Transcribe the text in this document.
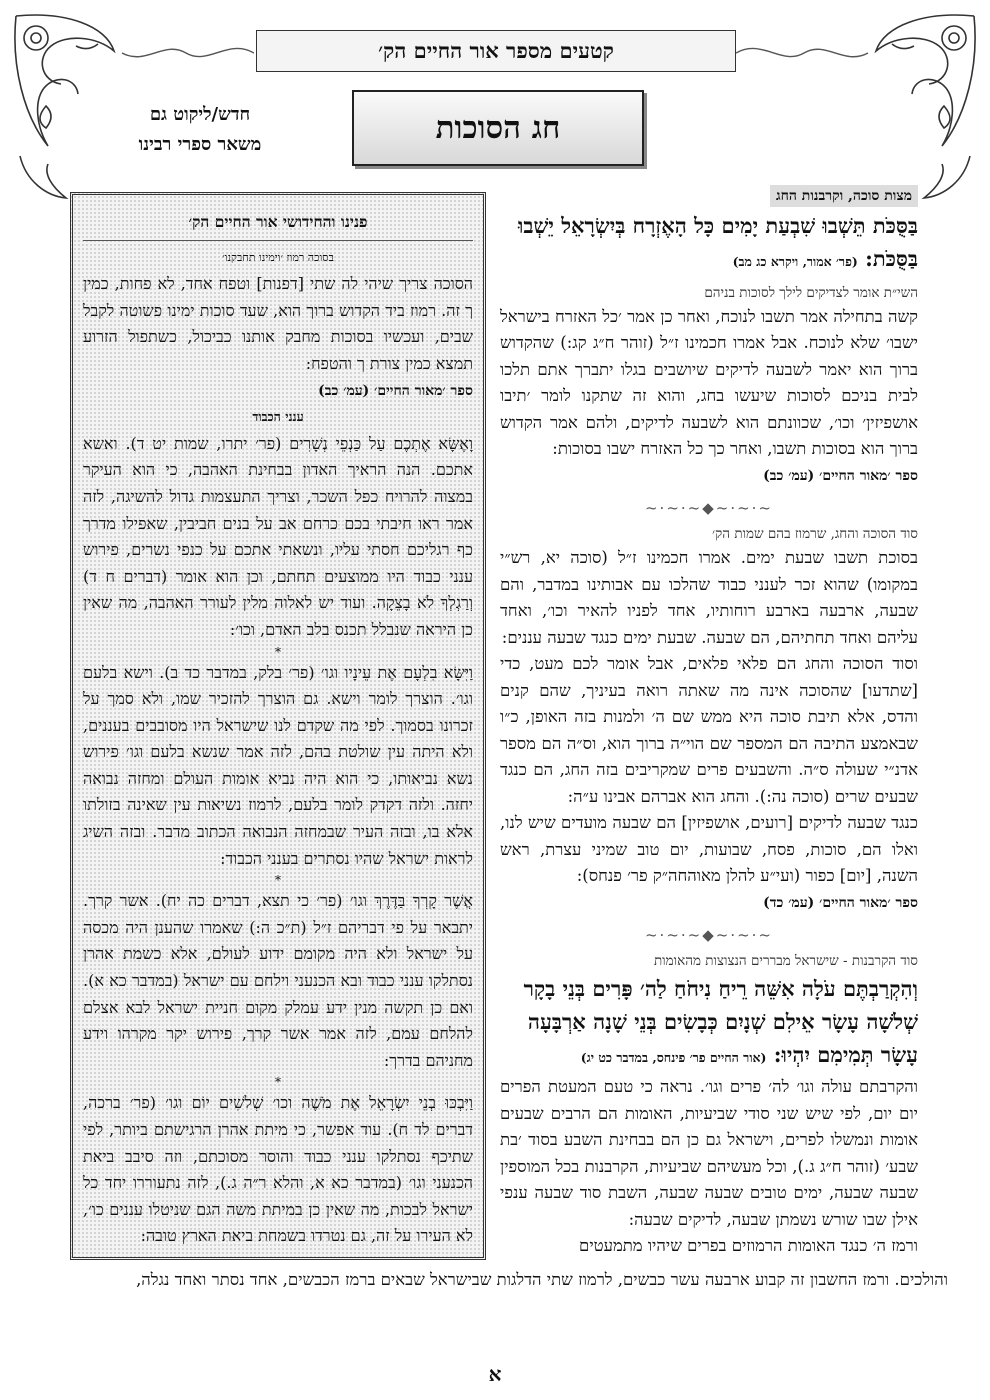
קטעים מספר אור החיים הק׳
חג הסוכות
חדש/ליקוט גם
משאר ספרי רבינו
מצות סוכה, וקרבנות החג
בַּסֻּכֹּת תֵּשְׁבוּ שִׁבְעַת יָמִים כָּל הָאֶזְרָח בְּיִשְׂרָאֵל יֵשְׁבוּ בַּסֻּכֹּת: (פר׳ אמור, ויקרא כג מב)
השי״ת אומר לצדיקים לילך לסוכות בניהם

קשה בתחילה אמר תשבו לנוכח, ואחר כן אמר ׳כל האזרח בישראל ישבו׳ שלא לנוכח. אבל אמרו חכמינו ז״ל (זוהר ח״ג קג:) שהקדוש ברוך הוא יאמר לשבעה לדיקים שיושבים בגלו יתברך אתם תלכו לבית בניכם לסוכות שיעשו בחג, והוא זה שתקנו לומר ׳תיבו אושפיזין׳ וכו׳, שכוונתם הוא לשבעה לדיקים, ולהם אמר הקדוש ברוך הוא בסוכות תשבו, ואחר כך כל האזרח ישבו בסוכות:

ספר ׳מאור החיים׳ (עמ׳ כב)
~·~·~◆~·~·~
סוד הסוכה והחג, שרמוז בהם שמות הק׳

בסוכת תשבו שבעת ימים. אמרו חכמינו ז״ל (סוכה יא, רש״י במקומו) שהוא זכר לענני כבוד שהלכו עם אבותינו במדבר, והם שבעה, ארבעה בארבע רוחותיו, אחד לפניו להאיר וכו׳, ואחד עליהם ואחד תחתיהם, הם שבעה. שבעת ימים כנגד שבעה עננים:

וסוד הסוכה והחג הם פלאי פלאים, אבל אומר לכם מעט, כדי [שתדעו] שהסוכה אינה מה שאתה רואה בעיניך, שהם קנים והדס, אלא תיבת סוכה היא ממש שם ה׳ ולמנות בזה האופן, כ״ו שבאמצע התיבה הם המספר שם הוי״ה ברוך הוא, וס״ה הם מספר אדנ״י שעולה ס״ה. והשבעים פרים שמקריבים בזה החג, הם כנגד שבעים שרים (סוכה נה:). והחג הוא אברהם אבינו ע״ה:

כנגד שבעה לדיקים [רועים, אושפיזין] הם שבעה מועדים שיש לנו, ואלו הם, סוכות, פסח, שבועות, יום טוב שמיני עצרת, ראש השנה, [יום] כפור (ועי״ע להלן מאוהחה״ק פר׳ פנחס):

ספר ׳מאור החיים׳ (עמ׳ כד)
~·~·~◆~·~·~
סוד הקרבנות - שישראל מבררים הנצוצות מהאומות
וְהִקְרַבְתֶּם עֹלָה אִשֵּׁה רֵיחַ נִיחֹחַ לַה׳ פָּרִים בְּנֵי בָקָר שְׁלֹשָׁה עָשָׂר אֵילִם שְׁנָיִם כְּבָשִׂים בְּנֵי שָׁנָה אַרְבָּעָה עָשָׂר תְּמִימִם יִהְיוּ: (אור החיים פר׳ פינחס, במדבר כט יג)

והקרבתם עולה וגו׳ לה׳ פרים וגו׳. נראה כי טעם המעטת הפרים יום יום, לפי שיש שני סודי שביעיות, האומות הם הרבים שבעים אומות ונמשלו לפרים, וישראל גם כן הם בבחינת השבע בסוד ׳בת שבע׳ (זוהר ח״ג ג.), וכל מעשיהם שביעיות, הקרבנות בכל המוספין שבעה שבעה, ימים טובים שבעה שבעה, השבת סוד שבעה ענפי אילן שבו שורש נשמתן שבעה, לדיקים שבעה:

ורמז ה׳ כנגד האומות הרמוזים בפרים שיהיו מתמעטים

פנינו והחידושי אור החיים הק׳
בסוכה רמוז ׳וימינו תחבקנו׳

הסוכה צריך שיהי לה שתי [דפנות] וטפח אחד, לא פחות, כמין ך זה. רמוז ביד הקדוש ברוך הוא, שעד סוכות ימינו פשוטה לקבל שבים, ועכשיו בסוכות מחבק אותנו כביכול, כשתפול הזרוע תמצא כמין צורת ך והטפח:

ספר ׳מאור החיים׳ (עמ׳ כב)
ענני הכבוד

וָאֶשָּׂא אֶתְכֶם עַל כַּנְפֵי נְשָׁרִים (פר׳ יתרו, שמות יט ד). ואשא אתכם. הנה הראיך האדון בבחינת האהבה, כי הוא העיקר במצוה להרויח כפל השכר, וצריך התעצמות גדול להשיגה, לזה אמר ראו חיבתי בכם כרחם אב על בנים חביבין, שאפילו מדרך כף רגליכם חסתי עליו, ונשאתי אתכם על כנפי נשרים, פירוש ענני כבוד היו ממוצעים תחתם, וכן הוא אומר (דברים ח ד) וְרַגְלְךָ לֹא בָצֵקָה. ועוד יש לאלוה מלין לעורר האהבה, מה שאין כן היראה שנבלל תכנס בלב האדם, וכו׳:

*

וַיִּשָּׂא בִלְעָם אֶת עֵינָיו וגו׳ (פר׳ בלק, במדבר כד ב). וישא בלעם וגו׳. הוצרך לומר וישא. גם הוצרך להזכיר שמו, ולא סמך על זכרונו בסמוך. לפי מה שקדם לנו שישראל היו מסובבים בעננים, ולא היתה עין שולטת בהם, לזה אמר שנשא בלעם וגו׳ פירוש נשא נביאותו, כי הוא היה נביא אומות העולם ומחזה נבואה יחזה. ולזה דקדק לומר בלעם, לרמוז נשיאות עין שאינה בזולתו אלא בו, ובזה העיר שבמחזה הנבואה הכתוב מדבר. ובזה השיג לראות ישראל שהיו נסתרים בענני הכבוד:

*

אֲשֶׁר קָרְךָ בַּדֶּרֶךְ וגו׳ (פר׳ כי תצא, דברים כה יח). אשר קרך. יתבאר על פי דבריהם ז״ל (ת״כ ה:) שאמרו שהענן היה מכסה על ישראל ולא היה מקומם ידוע לעולם, אלא כשמת אהרן נסתלקו ענני כבוד ובא הכנעני וילחם עם ישראל (במדבר כא א). ואם כן תקשה מנין ידע עמלק מקום חניית ישראל לבא אצלם להלחם עמם, לזה אמר אשר קרך, פירוש יקר מקרהו וידע מחניהם בדרך:

*

וַיִּבְכּוּ בְנֵי יִשְׂרָאֵל אֶת מֹשֶׁה וכו׳ שְׁלשִׁים יוֹם וגו׳ (פר׳ ברכה, דברים לד ח). עוד אפשר, כי מיתת אהרן הרגישתם ביותר, לפי שתיכף נסתלקו ענני כבוד והוסר מסוכתם, וזה סיבב ביאת הכנעני וגו׳ (במדבר כא א, והלא ר״ה ג.), לזה נתעוררו יחד כל ישראל לבכות, מה שאין כן במיתת משה הגם שניטלו עננים כו׳, לא העירו על זה, גם נטרדו בשמחת ביאת הארץ טובה:

והולכים. ורמז החשבון זה קבוע ארבעה עשר כבשים, לרמוז שתי הדלגות שבישראל שבאים ברמז הכבשים, אחד נסתר ואחד נגלה,
א
